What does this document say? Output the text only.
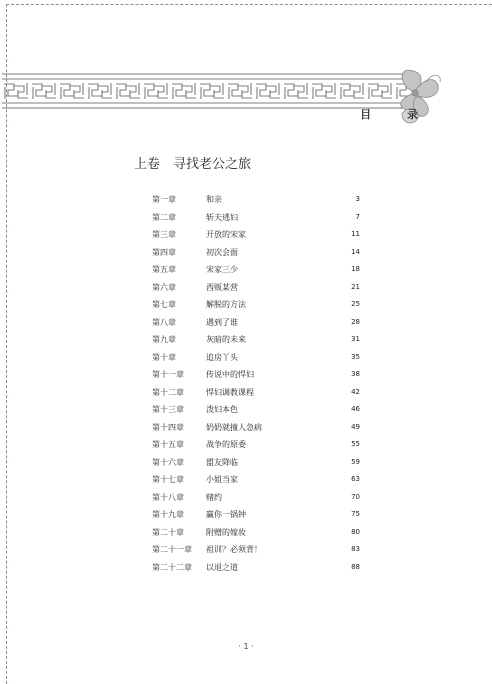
目 录
上卷　寻找老公之旅
第一章	和亲	3
第二章	斩夫逃妇	7
第三章	开放的宋家	11
第四章	初次会面	14
第五章	宋家三少	18
第六章	西贩某营	21
第七章	解脱的方法	25
第八章	遇到了谁	28
第九章	灰暗的未来	31
第十章	追房丫头	35
第十一章	传说中的悍妇	38
第十二章	悍妇调教课程	42
第十三章	泼妇本色	46
第十四章	奶奶就撞人急病	49
第十五章	战争的原委	55
第十六章	盟友降临	59
第十七章	小姐当家	63
第十八章	赌约	70
第十九章	赢你一锅钟	75
第二十章	附赠的嫁妆	80
第二十一章 祖训？必须背！	83
第二十二章 以退之道	88
· 1 ·
